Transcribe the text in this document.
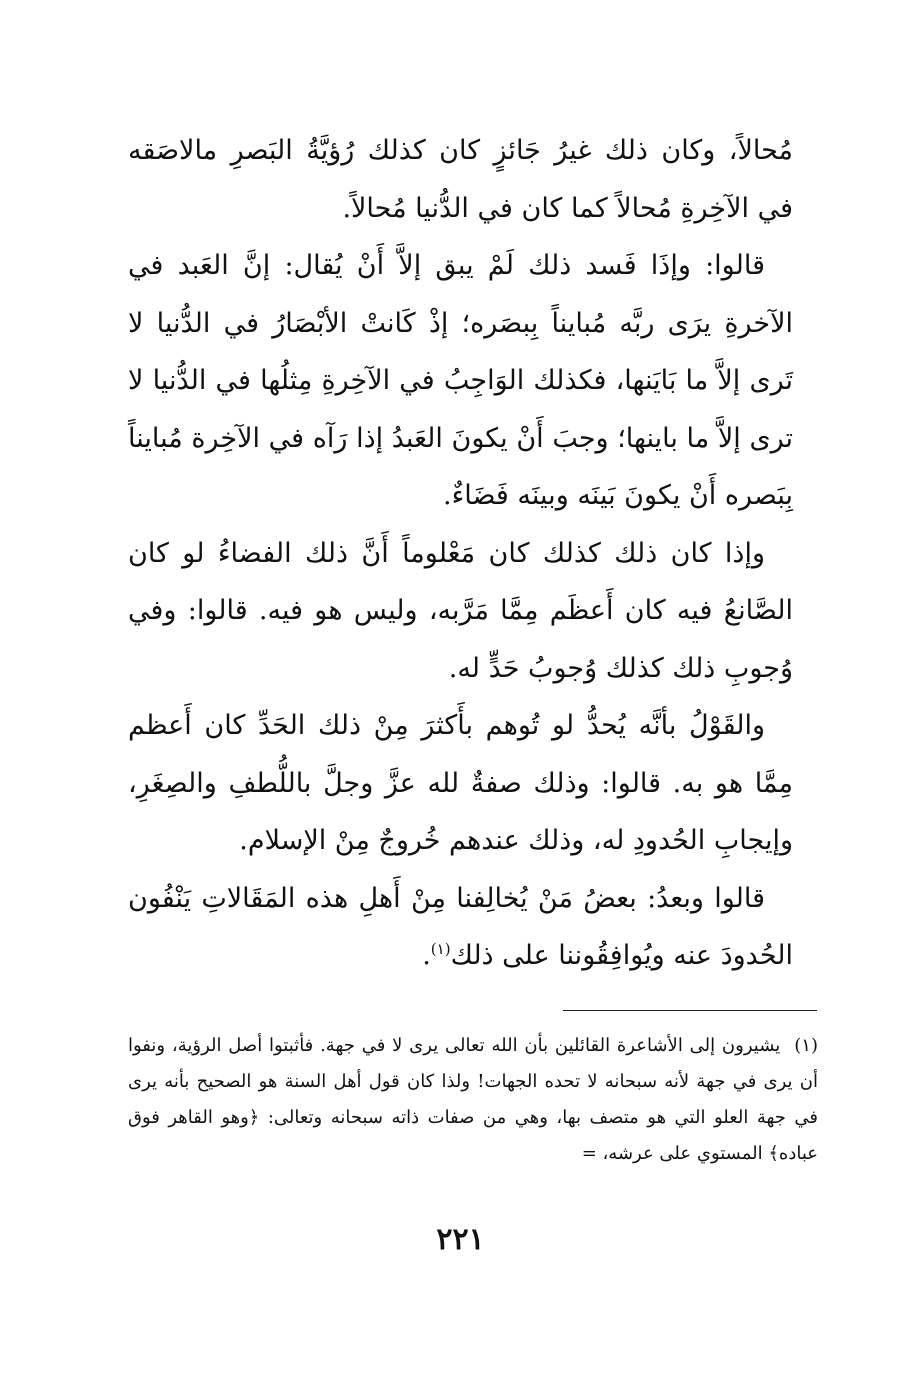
مُحالاً، وكان ذلك غيرُ جَائزٍ كان كذلك رُؤيَّةُ البَصرِ مالاصَقه في الآخِرةِ مُحالاً كما كان في الدُّنيا مُحالاً.

قالوا: وإذَا فَسد ذلك لَمْ يبق إلاَّ أَنْ يُقال: إنَّ العَبد في الآخرةِ يرَى ربَّه مُبايناً بِبصَره؛ إذْ كَانتْ الأبْصَارُ في الدُّنيا لا تَرى إلاَّ ما بَايَنها، فكذلك الوَاجِبُ في الآخِرةِ مِثلُها في الدُّنيا لا ترى إلاَّ ما باينها؛ وجبَ أَنْ يكونَ العَبدُ إذا رَآه في الآخِرة مُبايناً بِبَصره أَنْ يكونَ بَينَه وبينَه فَضَاءٌ.

وإذا كان ذلك كذلك كان مَعْلوماً أَنَّ ذلك الفضاءُ لو كان الصَّانعُ فيه كان أَعظَم مِمَّا مَرَّبه، وليس هو فيه. قالوا: وفي وُجوبِ ذلك كذلك وُجوبُ حَدٍّ له.

والقَوْلُ بأنَّه يُحدُّ لو تُوهم بأَكثرَ مِنْ ذلك الحَدِّ كان أَعظم مِمَّا هو به. قالوا: وذلك صفةٌ لله عزَّ وجلَّ باللُّطفِ والصِغَرِ، وإيجابِ الحُدودِ له، وذلك عندهم خُروجٌ مِنْ الإسلام.

قالوا وبعدُ: بعضُ مَنْ يُخالِفنا مِنْ أَهلِ هذه المَقَالاتِ يَنْفُون الحُدودَ عنه ويُوافِقُوننا على ذلك$^{(١)}$.

(١)يشيرون إلى الأشاعرة القائلين بأن الله تعالى يرى لا في جهة. فأثبتوا أصل الرؤية، ونفوا أن يرى في جهة لأنه سبحانه لا تحده الجهات! ولذا كان قول أهل السنة هو الصحيح بأنه يرى في جهة العلو التي هو متصف بها، وهي من صفات ذاته سبحانه وتعالى: ﴿وهو القاهر فوق عباده﴾ المستوي على عرشه، =
٢٢١
